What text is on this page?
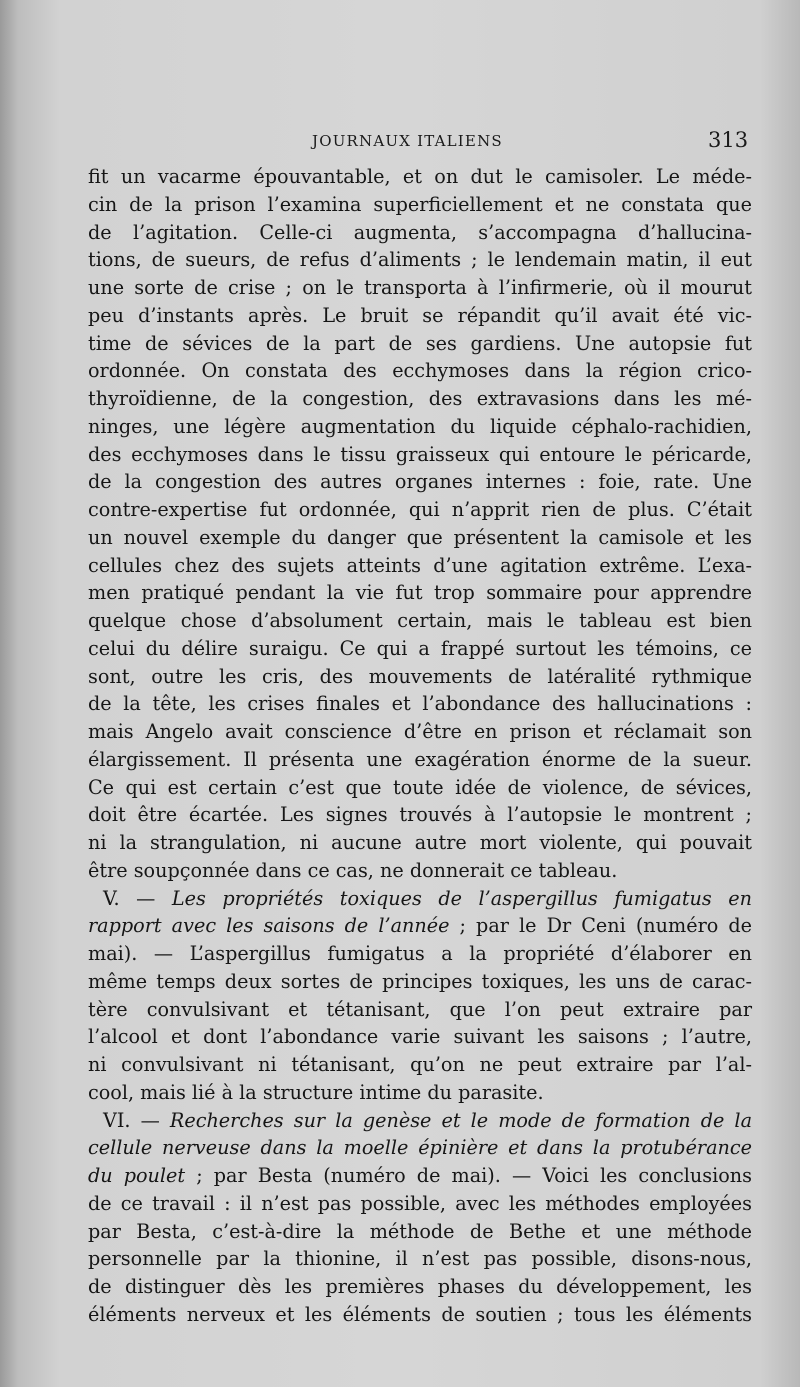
JOURNAUX ITALIENS	313
fit un vacarme épouvantable, et on dut le camisoler. Le méde-
cin de la prison l’examina superficiellement et ne constata que
de l’agitation. Celle-ci augmenta, s’accompagna d’hallucina-
tions, de sueurs, de refus d’aliments ; le lendemain matin, il eut
une sorte de crise ; on le transporta à l’infirmerie, où il mourut
peu d’instants après. Le bruit se répandit qu’il avait été vic-
time de sévices de la part de ses gardiens. Une autopsie fut
ordonnée. On constata des ecchymoses dans la région crico-
thyroïdienne, de la congestion, des extravasions dans les mé-
ninges, une légère augmentation du liquide céphalo-rachidien,
des ecchymoses dans le tissu graisseux qui entoure le péricarde,
de la congestion des autres organes internes : foie, rate. Une
contre-expertise fut ordonnée, qui n’apprit rien de plus. C’était
un nouvel exemple du danger que présentent la camisole et les
cellules chez des sujets atteints d’une agitation extrême. L’exa-
men pratiqué pendant la vie fut trop sommaire pour apprendre
quelque chose d’absolument certain, mais le tableau est bien
celui du délire suraigu. Ce qui a frappé surtout les témoins, ce
sont, outre les cris, des mouvements de latéralité rythmique
de la tête, les crises finales et l’abondance des hallucinations :
mais Angelo avait conscience d’être en prison et réclamait son
élargissement. Il présenta une exagération énorme de la sueur.
Ce qui est certain c’est que toute idée de violence, de sévices,
doit être écartée. Les signes trouvés à l’autopsie le montrent ;
ni la strangulation, ni aucune autre mort violente, qui pouvait
être soupçonnée dans ce cas, ne donnerait ce tableau.
V. — Les propriétés toxiques de l’aspergillus fumigatus en
rapport avec les saisons de l’année ; par le Dr Ceni (numéro de
mai). — L’aspergillus fumigatus a la propriété d’élaborer en
même temps deux sortes de principes toxiques, les uns de carac-
tère convulsivant et tétanisant, que l’on peut extraire par
l’alcool et dont l’abondance varie suivant les saisons ; l’autre,
ni convulsivant ni tétanisant, qu’on ne peut extraire par l’al-
cool, mais lié à la structure intime du parasite.
VI. — Recherches sur la genèse et le mode de formation de la
cellule nerveuse dans la moelle épinière et dans la protubérance
du poulet ; par Besta (numéro de mai). — Voici les conclusions
de ce travail : il n’est pas possible, avec les méthodes employées
par Besta, c’est-à-dire la méthode de Bethe et une méthode
personnelle par la thionine, il n’est pas possible, disons-nous,
de distinguer dès les premières phases du développement, les
éléments nerveux et les éléments de soutien ; tous les éléments
